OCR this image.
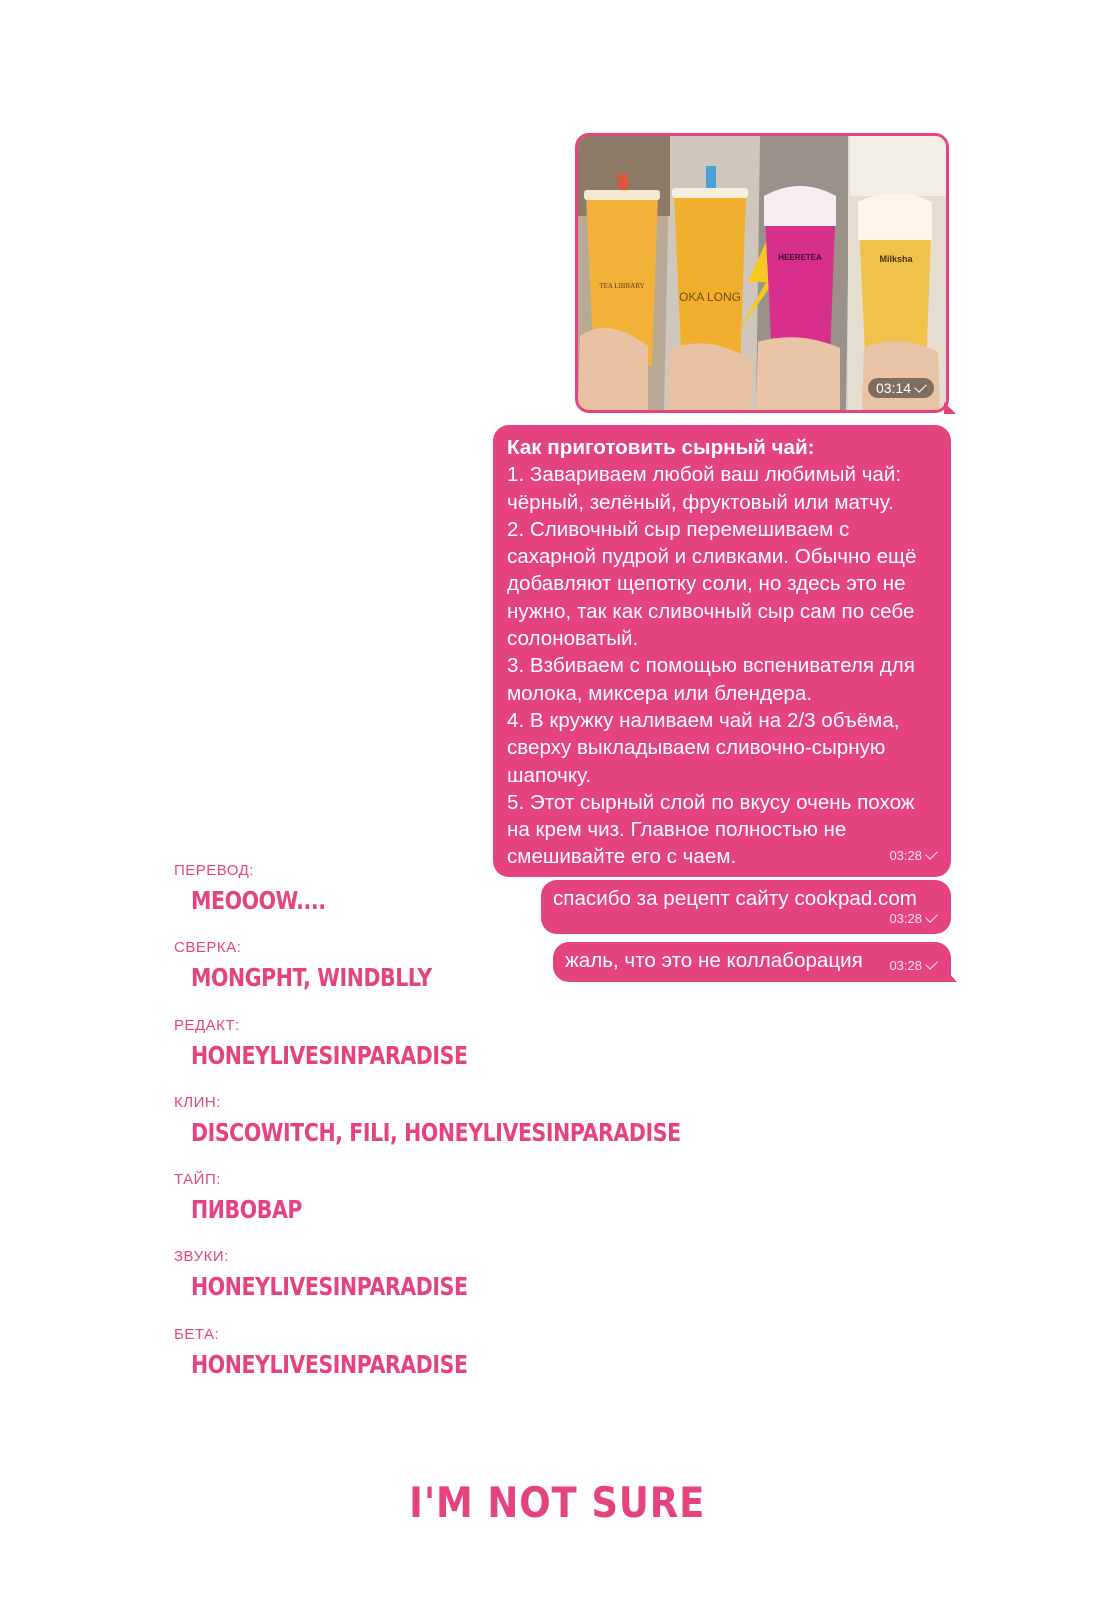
TEA LIBRARY
OKA LONG
HEERETEA	Milksha
03:14
Как приготовить сырный чай:
1. Завариваем любой ваш любимый чай:
чёрный, зелёный, фруктовый или матчу.
2. Сливочный сыр перемешиваем с
сахарной пудрой и сливками. Обычно ещё
добавляют щепотку соли, но здесь это не
нужно, так как сливочный сыр сам по себе
солоноватый.
3. Взбиваем с помощью вспенивателя для
молока, миксера или блендера.
4. В кружку наливаем чай на 2/3 объёма,
сверху выкладываем сливочно-сырную
шапочку.
5. Этот сырный слой по вкусу очень похож
на крем чиз. Главное полностью не
смешивайте его с чаем.	03:28
спасибо за рецепт сайту cookpad.com
03:28
жаль, что это не коллаборация 03:28
ПЕРЕВОД:
MEOOOW....
СВЕРКА:
MONGPHT, WINDBLLY
РЕДАКТ:
HONEYLIVESINPARADISE
КЛИН:
DISCOWITCH, FILI, HONEYLIVESINPARADISE
ТАЙП:
ПИВОВАР
ЗВУКИ:
HONEYLIVESINPARADISE
БЕТА:
HONEYLIVESINPARADISE
I'M NOT SURE
